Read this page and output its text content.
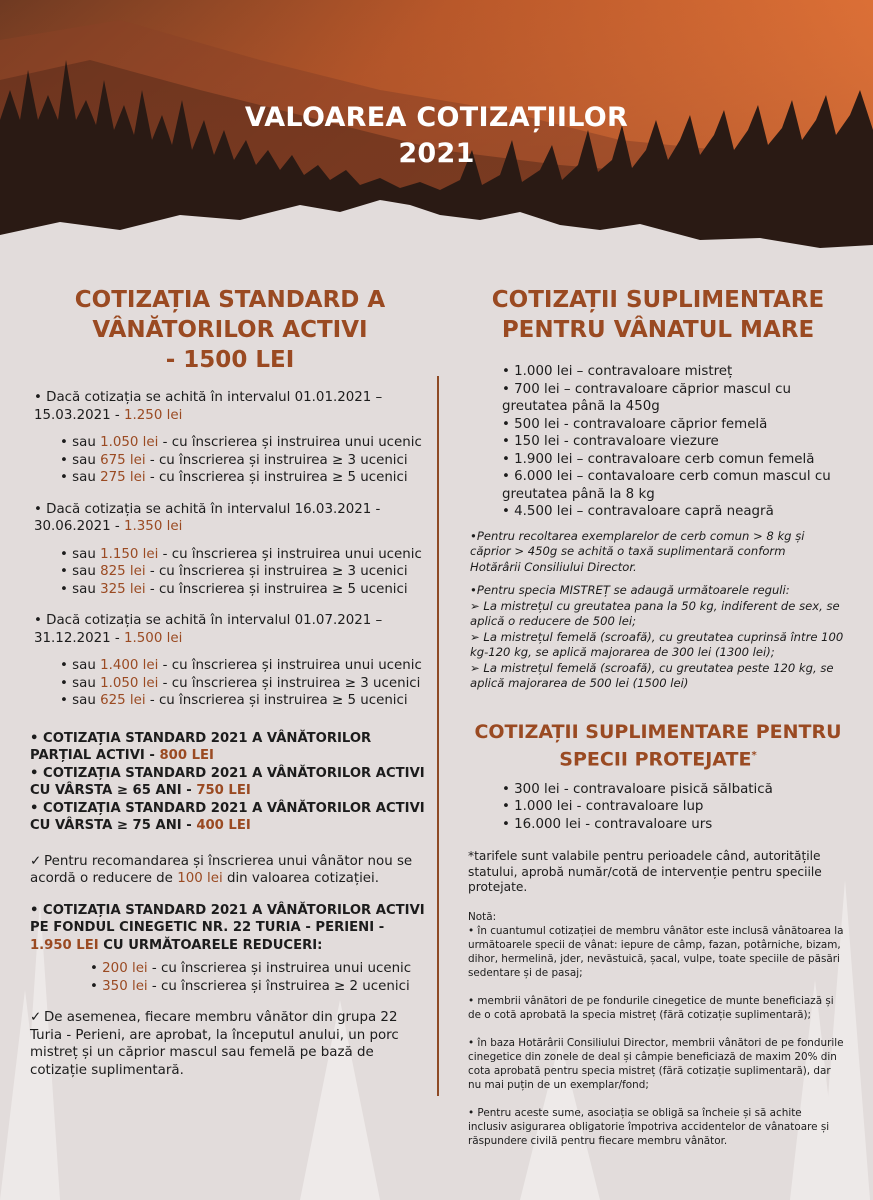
VALOAREA COTIZAȚIILOR
2021
COTIZAȚIA STANDARD A
VÂNĂTORILOR ACTIVI
- 1500 LEI
• Dacă cotizația se achită în intervalul 01.01.2021 – 15.03.2021 - 1.250 lei
• sau 1.050 lei - cu înscrierea și instruirea unui ucenic
• sau 675 lei - cu înscrierea și instruirea ≥ 3 ucenici
• sau 275 lei - cu înscrierea și instruirea ≥ 5 ucenici
• Dacă cotizația se achită în intervalul 16.03.2021 - 30.06.2021 - 1.350 lei
• sau 1.150 lei - cu înscrierea și instruirea unui ucenic
• sau 825 lei - cu înscrierea și instruirea ≥ 3 ucenici
• sau 325 lei - cu înscrierea și instruirea ≥ 5 ucenici
• Dacă cotizația se achită în intervalul 01.07.2021 – 31.12.2021 - 1.500 lei
• sau 1.400 lei - cu înscrierea și instruirea unui ucenic
• sau 1.050 lei - cu înscrierea și instruirea ≥ 3 ucenici
• sau 625 lei - cu înscrierea și instruirea ≥ 5 ucenici
• COTIZAȚIA STANDARD 2021 A VÂNĂTORILOR PARȚIAL ACTIVI - 800 LEI
• COTIZAȚIA STANDARD 2021 A VÂNĂTORILOR ACTIVI CU VÂRSTA ≥ 65 ANI - 750 LEI
• COTIZAȚIA STANDARD 2021 A VÂNĂTORILOR ACTIVI CU VÂRSTA ≥ 75 ANI - 400 LEI
✓ Pentru recomandarea și înscrierea unui vânător nou se acordă o reducere de 100 lei din valoarea cotizației.
• COTIZAȚIA STANDARD 2021 A VÂNĂTORILOR ACTIVI PE FONDUL CINEGETIC NR. 22 TURIA - PERIENI - 1.950 LEI CU URMĂTOARELE REDUCERI:
• 200 lei - cu înscrierea și instruirea unui ucenic
• 350 lei - cu înscrierea și înstruirea ≥ 2 ucenici
✓ De asemenea, fiecare membru vânător din grupa 22 Turia - Perieni, are aprobat, la începutul anului, un porc mistreț și un căprior mascul sau femelă pe bază de cotizație suplimentară.
COTIZAȚII SUPLIMENTARE
PENTRU VÂNATUL MARE
• 1.000 lei – contravaloare mistreț
• 700 lei – contravaloare căprior mascul cu greutatea până la 450g
• 500 lei - contravaloare căprior femelă
• 150 lei - contravaloare viezure
• 1.900 lei – contravaloare cerb comun femelă
• 6.000 lei – contavaloare cerb comun mascul cu greutatea până la 8 kg
• 4.500 lei – contravaloare capră neagră
•Pentru recoltarea exemplarelor de cerb comun > 8 kg și căprior > 450g se achită o taxă suplimentară conform Hotărârii Consiliului Director.
•Pentru specia MISTREȚ se adaugă următoarele reguli:
➢ La mistrețul cu greutatea pana la 50 kg, indiferent de sex, se aplică o reducere de 500 lei;
➢ La mistrețul femelă (scroafă), cu greutatea cuprinsă între 100 kg-120 kg, se aplică majorarea de 300 lei (1300 lei);
➢ La mistrețul femelă (scroafă), cu greutatea peste 120 kg, se aplică majorarea de 500 lei (1500 lei)
COTIZAȚII SUPLIMENTARE PENTRU
SPECII PROTEJATE*
• 300 lei - contravaloare pisică sălbatică
• 1.000 lei - contravaloare lup
• 16.000 lei - contravaloare urs
*tarifele sunt valabile pentru perioadele când, autoritățile statului, aprobă număr/cotă de intervenție pentru speciile protejate.
Notă:
• în cuantumul cotizației de membru vânător este inclusă vânătoarea la următoarele specii de vânat: iepure de câmp, fazan, potârniche, bizam, dihor, hermelină, jder, nevăstuică, șacal, vulpe, toate speciile de păsări sedentare și de pasaj;
• membrii vânători de pe fondurile cinegetice de munte beneficiază și de o cotă aprobată la specia mistreț (fără cotizație suplimentară);
• în baza Hotărârii Consiliului Director, membrii vânători de pe fondurile cinegetice din zonele de deal și câmpie beneficiază de maxim 20% din cota aprobată pentru specia mistreț (fără cotizație suplimentară), dar nu mai puțin de un exemplar/fond;
• Pentru aceste sume, asociația se obligă sa încheie și să achite inclusiv asigurarea obligatorie împotriva accidentelor de vânatoare și răspundere civilă pentru fiecare membru vânător.
